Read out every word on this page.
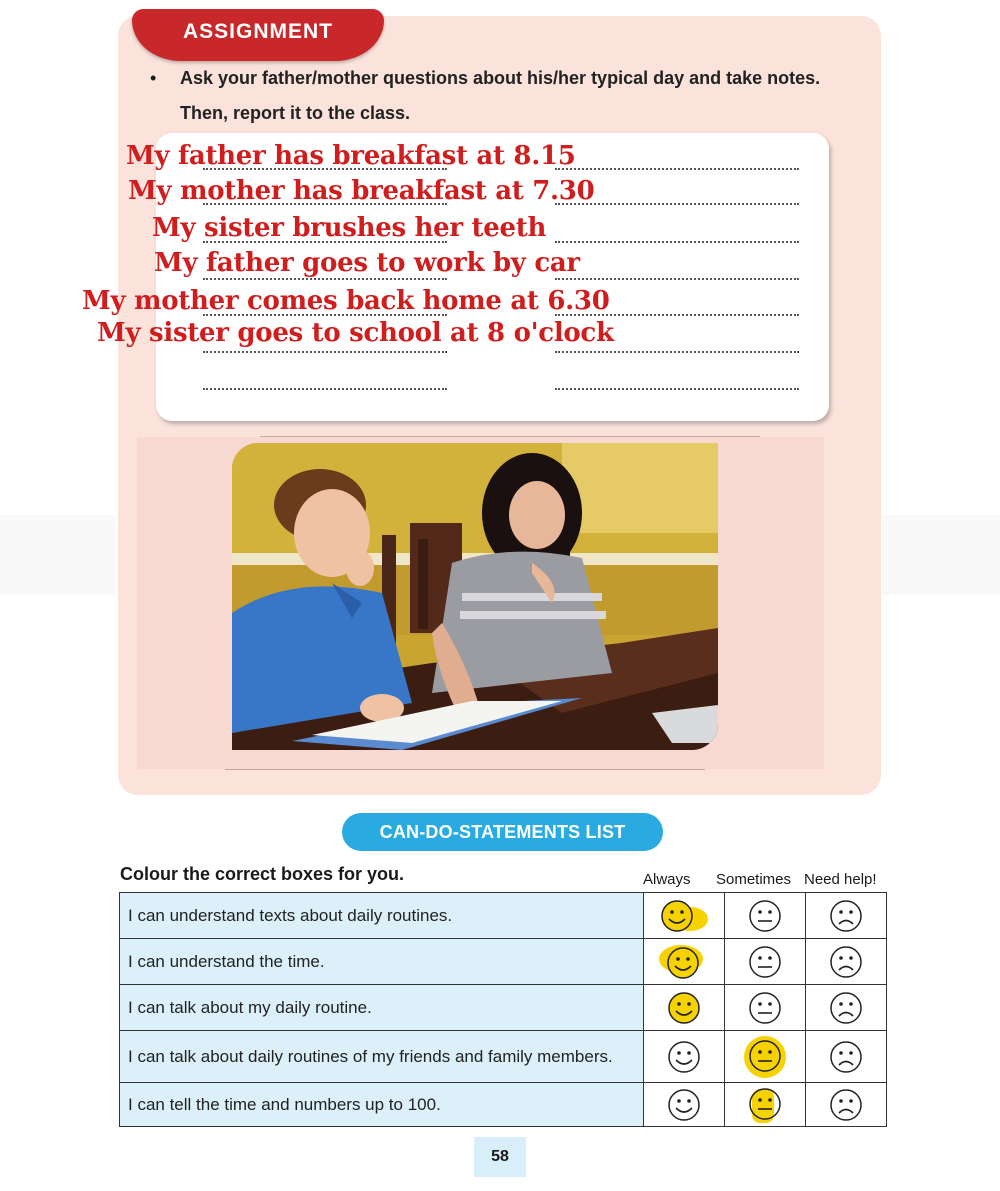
ASSIGNMENT
• Ask your father/mother questions about his/her typical day and take notes.
Then, report it to the class.
My father has breakfast at 8.15
My mother has breakfast at 7.30
My sister brushes her teeth
My father goes to work by car
My mother comes back home at 6.30
My sister goes to school at 8 o'clock
CAN-DO-STATEMENTS LIST
Colour the correct boxes for you.	Always Sometimes Need help!
I can understand texts about daily routines.			
I can understand the time.			
I can talk about my daily routine.			
I can talk about daily routines of my friends and family members.			
I can tell the time and numbers up to 100.			
58
